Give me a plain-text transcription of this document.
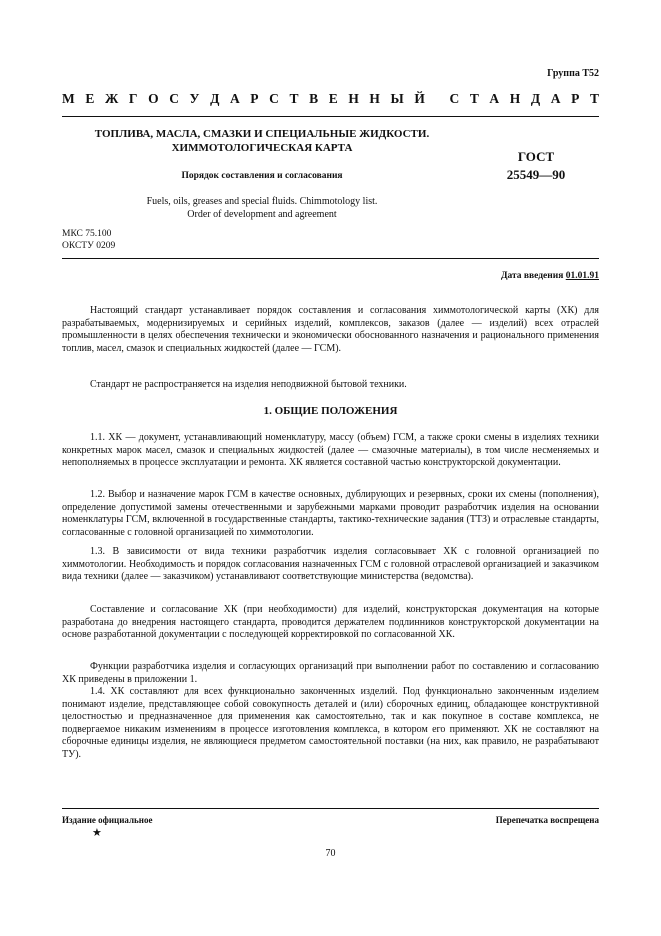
Группа Т52
М Е Ж Г О С У Д А Р С Т В Е Н Н Ы Й
С Т А Н Д А Р Т
ТОПЛИВА, МАСЛА, СМАЗКИ И СПЕЦИАЛЬНЫЕ ЖИДКОСТИ.
ХИММОТОЛОГИЧЕСКАЯ КАРТА
Порядок составления и согласования
Fuels, oils, greases and special fluids. Chimmotology list.
Order of development and agreement
ГОСТ
25549—90
МКС 75.100
ОКСТУ 0209
Дата введения 01.01.91
Настоящий стандарт устанавливает порядок составления и согласования химмотологической карты (ХК) для разрабатываемых, модернизируемых и серийных изделий, комплексов, заказов (далее — изделий) всех отраслей промышленности в целях обеспечения технически и экономически обоснованного назначения и рационального применения топлив, масел, смазок и специальных жидкостей (далее — ГСМ).
Стандарт не распространяется на изделия неподвижной бытовой техники.
1. ОБЩИЕ ПОЛОЖЕНИЯ
1.1. ХК — документ, устанавливающий номенклатуру, массу (объем) ГСМ, а также сроки смены в изделиях техники конкретных марок масел, смазок и специальных жидкостей (далее — смазочные материалы), в том числе несменяемых и непополняемых в процессе эксплуатации и ремонта. ХК является составной частью конструкторской документации.
1.2. Выбор и назначение марок ГСМ в качестве основных, дублирующих и резервных, сроки их смены (пополнения), определение допустимой замены отечественными и зарубежными марками проводит разработчик изделия на основании номенклатуры ГСМ, включенной в государственные стандарты, тактико-технические задания (ТТЗ) и отраслевые стандарты, согласованные с головной организацией по химмотологии.
1.3. В зависимости от вида техники разработчик изделия согласовывает ХК с головной организацией по химмотологии. Необходимость и порядок согласования назначенных ГСМ с головной отраслевой организацией и заказчиком вида техники (далее — заказчиком) устанавливают соответствующие министерства (ведомства).
Составление и согласование ХК (при необходимости) для изделий, конструкторская документация на которые разработана до внедрения настоящего стандарта, проводится держателем подлинников конструкторской документации на основе разработанной документации с последующей корректировкой по согласованной ХК.
Функции разработчика изделия и согласующих организаций при выполнении работ по составлению и согласованию ХК приведены в приложении 1.
1.4. ХК составляют для всех функционально законченных изделий. Под функционально законченным изделием понимают изделие, представляющее собой совокупность деталей и (или) сборочных единиц, обладающее конструктивной целостностью и предназначенное для применения как самостоятельно, так и как покупное в составе комплекса, не подвергаемое никаким изменениям в процессе изготовления комплекса, в котором его применяют. ХК не составляют на сборочные единицы изделия, не являющиеся предметом самостоятельной поставки (на них, как правило, не разрабатывают ТУ).
Издание официальное
★
Перепечатка воспрещена
70
